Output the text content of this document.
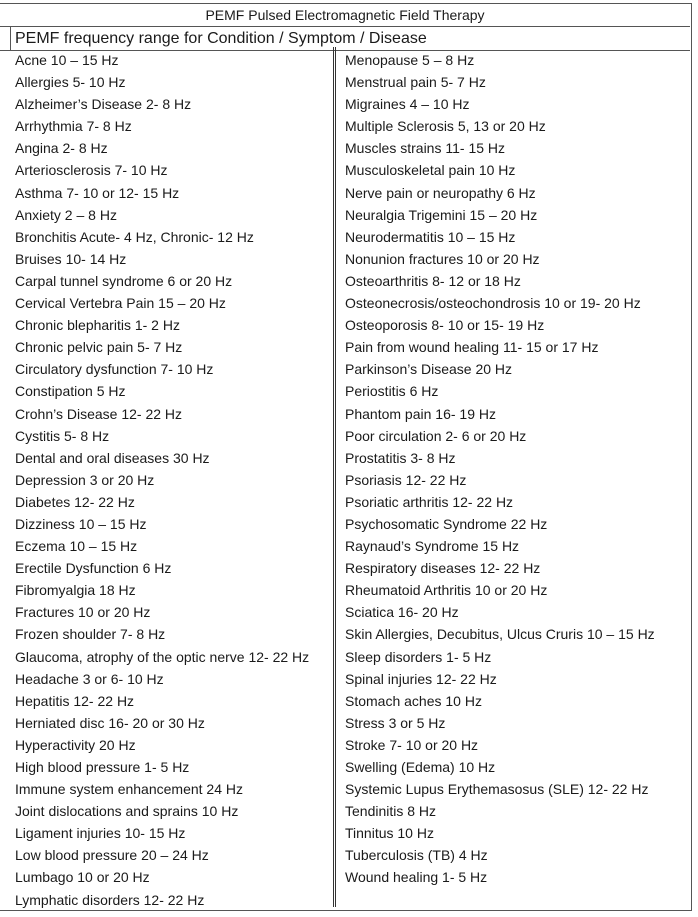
PEMF Pulsed Electromagnetic Field Therapy
PEMF frequency range for Condition / Symptom / Disease
Acne 10 – 15 Hz
Allergies 5- 10 Hz
Alzheimer’s Disease 2- 8 Hz
Arrhythmia 7- 8 Hz
Angina 2- 8 Hz
Arteriosclerosis 7- 10 Hz
Asthma 7- 10 or 12- 15 Hz
Anxiety 2 – 8 Hz
Bronchitis Acute- 4 Hz, Chronic- 12 Hz
Bruises 10- 14 Hz
Carpal tunnel syndrome 6 or 20 Hz
Cervical Vertebra Pain 15 – 20 Hz
Chronic blepharitis 1- 2 Hz
Chronic pelvic pain 5- 7 Hz
Circulatory dysfunction 7- 10 Hz
Constipation 5 Hz
Crohn’s Disease 12- 22 Hz
Cystitis 5- 8 Hz
Dental and oral diseases 30 Hz
Depression 3 or 20 Hz
Diabetes 12- 22 Hz
Dizziness 10 – 15 Hz
Eczema 10 – 15 Hz
Erectile Dysfunction 6 Hz
Fibromyalgia 18 Hz
Fractures 10 or 20 Hz
Frozen shoulder 7- 8 Hz
Glaucoma, atrophy of the optic nerve 12- 22 Hz
Headache 3 or 6- 10 Hz
Hepatitis 12- 22 Hz
Herniated disc 16- 20 or 30 Hz
Hyperactivity 20 Hz
High blood pressure 1- 5 Hz
Immune system enhancement 24 Hz
Joint dislocations and sprains 10 Hz
Ligament injuries 10- 15 Hz
Low blood pressure 20 – 24 Hz
Lumbago 10 or 20 Hz
Lymphatic disorders 12- 22 Hz
Menopause 5 – 8 Hz
Menstrual pain 5- 7 Hz
Migraines 4 – 10 Hz
Multiple Sclerosis 5, 13 or 20 Hz
Muscles strains 11- 15 Hz
Musculoskeletal pain 10 Hz
Nerve pain or neuropathy 6 Hz
Neuralgia Trigemini 15 – 20 Hz
Neurodermatitis 10 – 15 Hz
Nonunion fractures 10 or 20 Hz
Osteoarthritis 8- 12 or 18 Hz
Osteonecrosis/osteochondrosis 10 or 19- 20 Hz
Osteoporosis 8- 10 or 15- 19 Hz
Pain from wound healing 11- 15 or 17 Hz
Parkinson’s Disease 20 Hz
Periostitis 6 Hz
Phantom pain 16- 19 Hz
Poor circulation 2- 6 or 20 Hz
Prostatitis 3- 8 Hz
Psoriasis 12- 22 Hz
Psoriatic arthritis 12- 22 Hz
Psychosomatic Syndrome 22 Hz
Raynaud’s Syndrome 15 Hz
Respiratory diseases 12- 22 Hz
Rheumatoid Arthritis 10 or 20 Hz
Sciatica 16- 20 Hz
Skin Allergies, Decubitus, Ulcus Cruris 10 – 15 Hz
Sleep disorders 1- 5 Hz
Spinal injuries 12- 22 Hz
Stomach aches 10 Hz
Stress 3 or 5 Hz
Stroke 7- 10 or 20 Hz
Swelling (Edema) 10 Hz
Systemic Lupus Erythemasosus (SLE) 12- 22 Hz
Tendinitis 8 Hz
Tinnitus 10 Hz
Tuberculosis (TB) 4 Hz
Wound healing 1- 5 Hz
